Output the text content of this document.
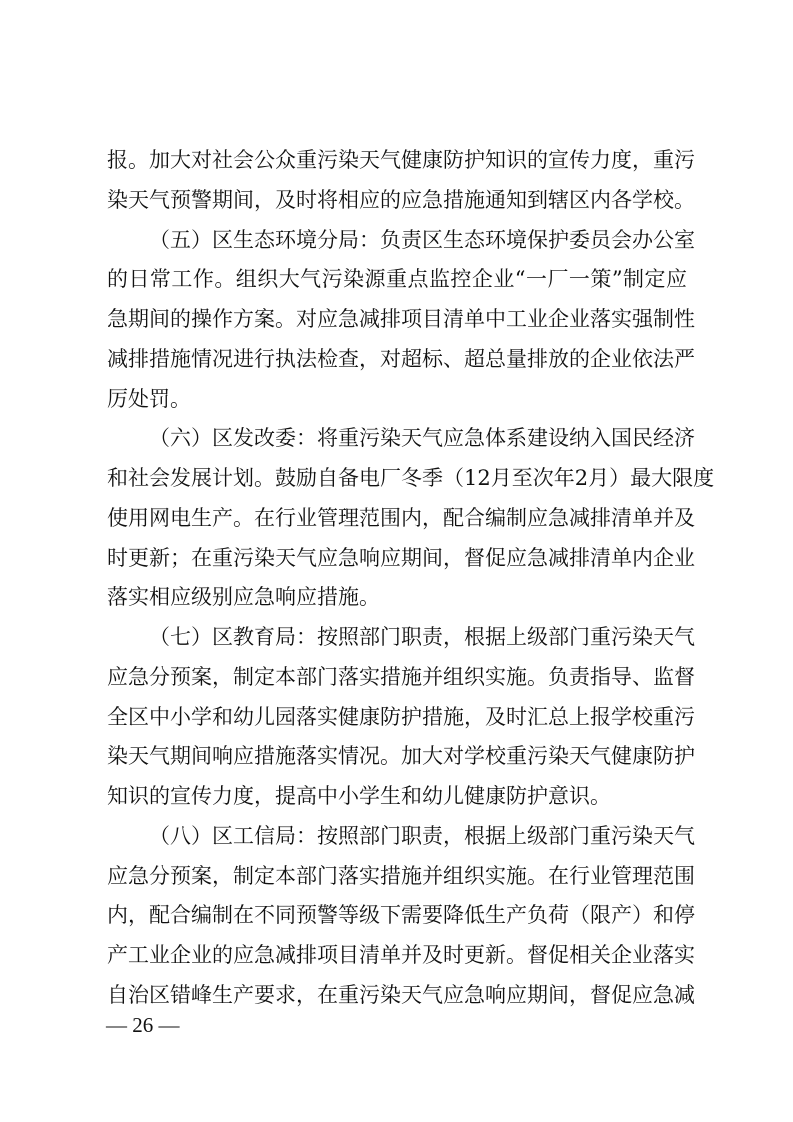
报。加大对社会公众重污染天气健康防护知识的宣传力度，重污
染天气预警期间，及时将相应的应急措施通知到辖区内各学校。
（五）区生态环境分局：负责区生态环境保护委员会办公室
的日常工作。组织大气污染源重点监控企业“一厂一策”制定应
急期间的操作方案。对应急减排项目清单中工业企业落实强制性
减排措施情况进行执法检查，对超标、超总量排放的企业依法严
厉处罚。
（六）区发改委：将重污染天气应急体系建设纳入国民经济
和社会发展计划。鼓励自备电厂冬季（12月至次年2月）最大限度
使用网电生产。在行业管理范围内，配合编制应急减排清单并及
时更新；在重污染天气应急响应期间，督促应急减排清单内企业
落实相应级别应急响应措施。
（七）区教育局：按照部门职责，根据上级部门重污染天气
应急分预案，制定本部门落实措施并组织实施。负责指导、监督
全区中小学和幼儿园落实健康防护措施，及时汇总上报学校重污
染天气期间响应措施落实情况。加大对学校重污染天气健康防护
知识的宣传力度，提高中小学生和幼儿健康防护意识。
（八）区工信局：按照部门职责，根据上级部门重污染天气
应急分预案，制定本部门落实措施并组织实施。在行业管理范围
内，配合编制在不同预警等级下需要降低生产负荷（限产）和停
产工业企业的应急减排项目清单并及时更新。督促相关企业落实
自治区错峰生产要求，在重污染天气应急响应期间，督促应急减
— 26 —
